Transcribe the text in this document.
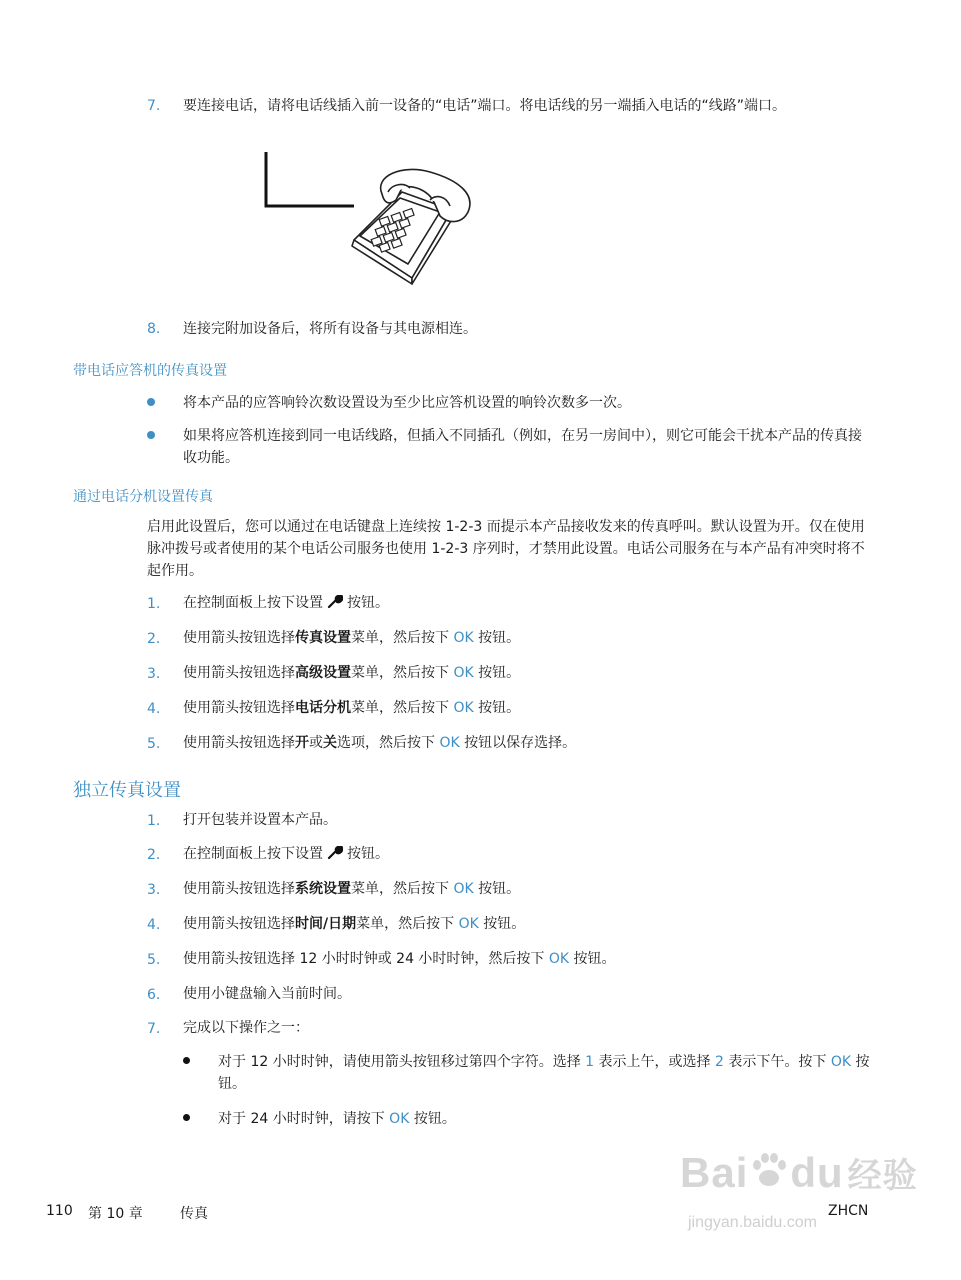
7. 要连接电话，请将电话线插入前一设备的“电话”端口。将电话线的另一端插入电话的“线路”端口。
8. 连接完附加设备后，将所有设备与其电源相连。
带电话应答机的传真设置
将本产品的应答响铃次数设置设为至少比应答机设置的响铃次数多一次。
如果将应答机连接到同一电话线路，但插入不同插孔（例如，在另一房间中），则它可能会干扰本产品的传真接收功能。
通过电话分机设置传真
启用此设置后，您可以通过在电话键盘上连续按 1-2-3 而提示本产品接收发来的传真呼叫。默认设置为开。仅在使用脉冲拨号或者使用的某个电话公司服务也使用 1-2-3 序列时，才禁用此设置。电话公司服务在与本产品有冲突时将不起作用。
1. 在控制面板上按下设置 按钮。
2. 使用箭头按钮选择传真设置菜单，然后按下 OK 按钮。
3. 使用箭头按钮选择高级设置菜单，然后按下 OK 按钮。
4. 使用箭头按钮选择电话分机菜单，然后按下 OK 按钮。
5. 使用箭头按钮选择开或关选项，然后按下 OK 按钮以保存选择。
独立传真设置
1. 打开包装并设置本产品。
2. 在控制面板上按下设置 按钮。
3. 使用箭头按钮选择系统设置菜单，然后按下 OK 按钮。
4. 使用箭头按钮选择时间/日期菜单，然后按下 OK 按钮。
5. 使用箭头按钮选择 12 小时时钟或 24 小时时钟，然后按下 OK 按钮。
6. 使用小键盘输入当前时间。
7. 完成以下操作之一：
对于 12 小时时钟，请使用箭头按钮移过第四个字符。选择 1 表示上午，或选择 2 表示下午。按下 OK 按钮。
对于 24 小时时钟，请按下 OK 按钮。
110 第 10 章	传真	ZHCN
Bai du 经验
jingyan.baidu.com
